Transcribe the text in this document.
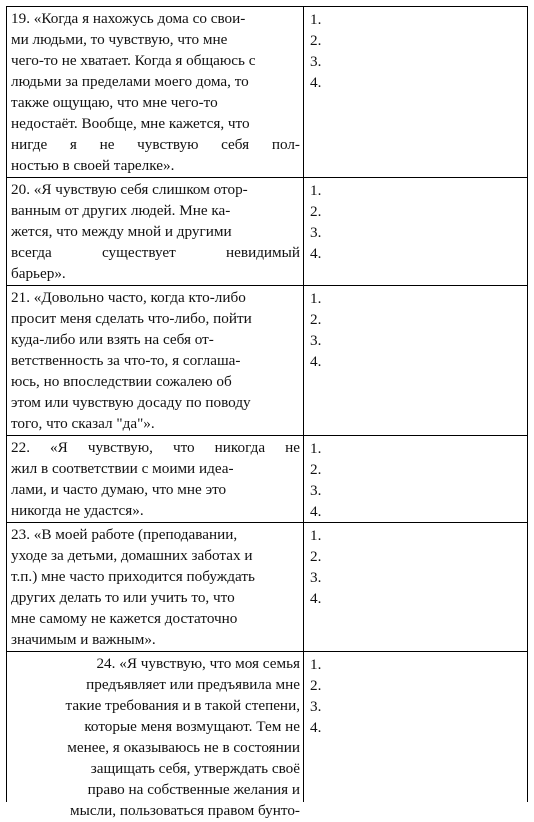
19. «Когда я нахожусь дома со свои-
ми людьми, то чувствую, что мне
чего-то не хватает. Когда я общаюсь с
людьми за пределами моего дома, то
также ощущаю, что мне чего-то
недостаёт. Вообще, мне кажется, что
нигде я не чувствую себя пол-
ностью в своей тарелке».
1.
2.
3.
4.
20. «Я чувствую себя слишком отор-
ванным от других людей. Мне ка-
жется, что между мной и другими
всегда существует невидимый
барьер».
1.
2.
3.
4.
21. «Довольно часто, когда кто-либо
просит меня сделать что-либо, пойти
куда-либо или взять на себя от-
ветственность за что-то, я соглаша-
юсь, но впоследствии сожалею об
этом или чувствую досаду по поводу
того, что сказал "да"».
1.
2.
3.
4.
22. «Я чувствую, что никогда не
жил в соответствии с моими идеа-
лами, и часто думаю, что мне это
никогда не удастся».
1.
2.
3.
4.
23. «В моей работе (преподавании,
уходе за детьми, домашних заботах и
т.п.) мне часто приходится побуждать
других делать то или учить то, что
мне самому не кажется достаточно
значимым и важным».
1.
2.
3.
4.
24. «Я чувствую, что моя семья
предъявляет или предъявила мне
такие требования и в такой степени,
которые меня возмущают. Тем не
менее, я оказываюсь не в состоянии
защищать себя, утверждать своё
право на собственные желания и
мысли, пользоваться правом бунто-
1.
2.
3.
4.
